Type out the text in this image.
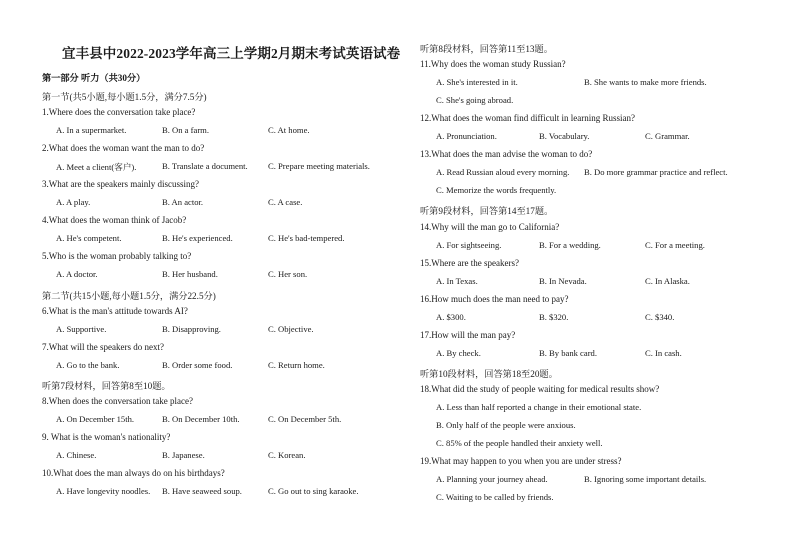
宜丰县中2022-2023学年高三上学期2月期末考试英语试卷
第一部分 听力（共30分）
第一节(共5小题,每小题1.5分，满分7.5分)
1.Where does the conversation take place?
A. In a supermarket.	B. On a farm.	C. At home.
2.What does the woman want the man to do?
A. Meet a client(客户).	B. Translate a document. C. Prepare meeting materials.
3.What are the speakers mainly discussing?
A. A play.	B. An actor.	C. A case.
4.What does the woman think of Jacob?
A. He's competent.	B. He's experienced.	C. He's bad-tempered.
5.Who is the woman probably talking to?
A. A doctor.	B. Her husband.	C. Her son.
第二节(共15小题,每小题1.5分，满分22.5分)
6.What is the man's attitude towards AI?
A. Supportive.	B. Disapproving.	C. Objective.
7.What will the speakers do next?
A. Go to the bank.	B. Order some food.	C. Return home.
听第7段材料，回答第8至10题。
8.When does the conversation take place?
A. On December 15th.	B. On December 10th.	C. On December 5th.
9. What is the woman's nationality?
A. Chinese.	B. Japanese.	C. Korean.
10.What does the man always do on his birthdays?
A. Have longevity noodles. B. Have seaweed soup.	C. Go out to sing karaoke.
听第8段材料，回答第11至13题。
11.Why does the woman study Russian?
A. She's interested in it.	B. She wants to make more friends.
C. She's going abroad.
12.What does the woman find difficult in learning Russian?
A. Pronunciation.	B. Vocabulary.	C. Grammar.
13.What does the man advise the woman to do?
A. Read Russian aloud every morning. B. Do more grammar practice and reflect.
C. Memorize the words frequently.
听第9段材料，回答第14至17题。
14.Why will the man go to California?
A. For sightseeing.	B. For a wedding.	C. For a meeting.
15.Where are the speakers?
A. In Texas.	B. In Nevada.	C. In Alaska.
16.How much does the man need to pay?
A. $300.	B. $320.	C. $340.
17.How will the man pay?
A. By check.	B. By bank card.	C. In cash.
听第10段材料，回答第18至20题。
18.What did the study of people waiting for medical results show?
A. Less than half reported a change in their emotional state.
B. Only half of the people were anxious.
C. 85% of the people handled their anxiety well.
19.What may happen to you when you are under stress?
A. Planning your journey ahead.	B. Ignoring some important details.
C. Waiting to be called by friends.
